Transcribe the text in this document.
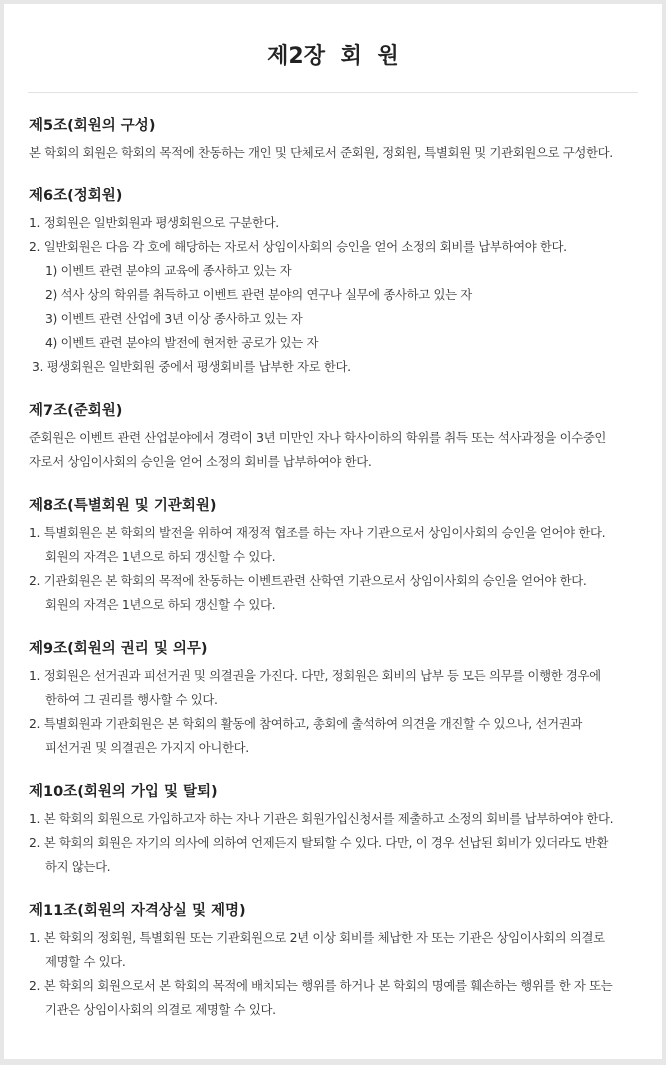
제2장 회 원
제5조(회원의 구성)
본 학회의 회원은 학회의 목적에 찬동하는 개인 및 단체로서 준회원, 정회원, 특별회원 및 기관회원으로 구성한다.
제6조(정회원)
1. 정회원은 일반회원과 평생회원으로 구분한다.
2. 일반회원은 다음 각 호에 해당하는 자로서 상임이사회의 승인을 얻어 소정의 회비를 납부하여야 한다.
1) 이벤트 관련 분야의 교육에 종사하고 있는 자
2) 석사 상의 학위를 취득하고 이벤트 관련 분야의 연구나 실무에 종사하고 있는 자
3) 이벤트 관련 산업에 3년 이상 종사하고 있는 자
4) 이벤트 관련 분야의 발전에 현저한 공로가 있는 자
3. 평생회원은 일반회원 중에서 평생회비를 납부한 자로 한다.
제7조(준회원)
준회원은 이벤트 관련 산업분야에서 경력이 3년 미만인 자나 학사이하의 학위를 취득 또는 석사과정을 이수중인
자로서 상임이사회의 승인을 얻어 소정의 회비를 납부하여야 한다.
제8조(특별회원 및 기관회원)
1. 특별회원은 본 학회의 발전을 위하여 재정적 협조를 하는 자나 기관으로서 상임이사회의 승인을 얻어야 한다.
회원의 자격은 1년으로 하되 갱신할 수 있다.
2. 기관회원은 본 학회의 목적에 찬동하는 이벤트관련 산학연 기관으로서 상임이사회의 승인을 얻어야 한다.
회원의 자격은 1년으로 하되 갱신할 수 있다.
제9조(회원의 권리 및 의무)
1. 정회원은 선거권과 피선거권 및 의결권을 가진다. 다만, 정회원은 회비의 납부 등 모든 의무를 이행한 경우에
한하여 그 권리를 행사할 수 있다.
2. 특별회원과 기관회원은 본 학회의 활동에 참여하고, 총회에 출석하여 의견을 개진할 수 있으나, 선거권과
피선거권 및 의결권은 가지지 아니한다.
제10조(회원의 가입 및 탈퇴)
1. 본 학회의 회원으로 가입하고자 하는 자나 기관은 회원가입신청서를 제출하고 소정의 회비를 납부하여야 한다.
2. 본 학회의 회원은 자기의 의사에 의하여 언제든지 탈퇴할 수 있다. 다만, 이 경우 선납된 회비가 있더라도 반환
하지 않는다.
제11조(회원의 자격상실 및 제명)
1. 본 학회의 정회원, 특별회원 또는 기관회원으로 2년 이상 회비를 체납한 자 또는 기관은 상임이사회의 의결로
제명할 수 있다.
2. 본 학회의 회원으로서 본 학회의 목적에 배치되는 행위를 하거나 본 학회의 명예를 훼손하는 행위를 한 자 또는
기관은 상임이사회의 의결로 제명할 수 있다.
